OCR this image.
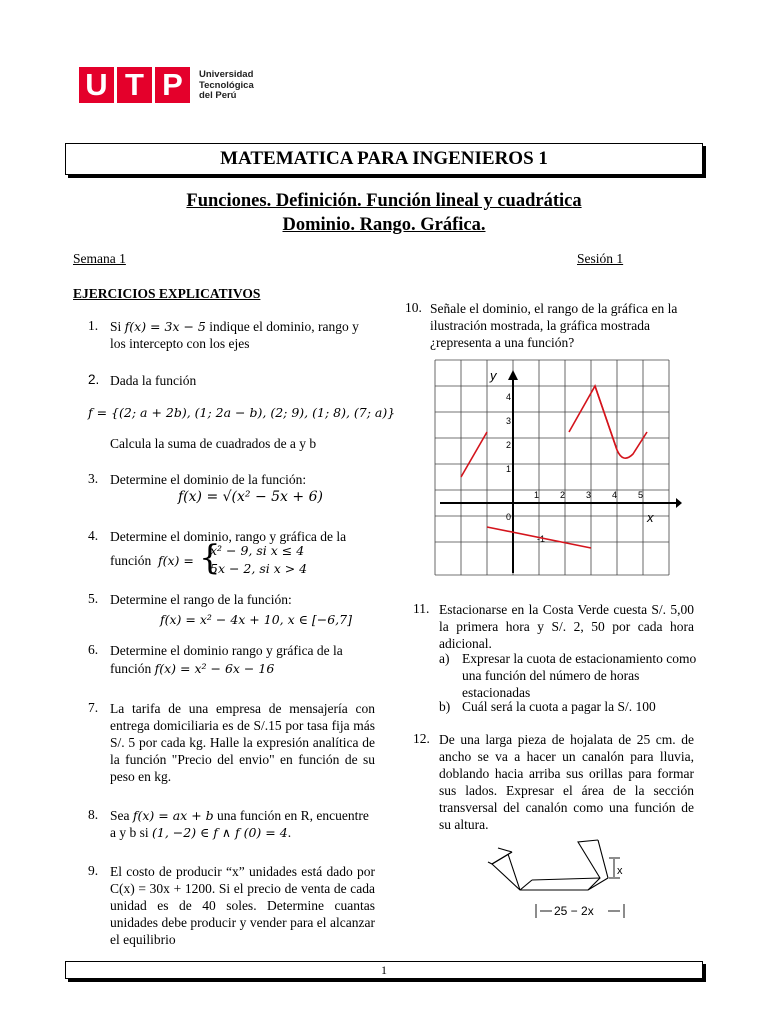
U T P	Universidad
Tecnológica
del Perú
MATEMATICA PARA INGENIEROS 1
Funciones. Definición. Función lineal y cuadrática
Dominio. Rango. Gráfica.
Semana 1	Sesión 1
EJERCICIOS EXPLICATIVOS
1. Si f(x) = 3x − 5 indique el dominio, rango y los intercepto con los ejes
2. Dada la función
f = {(2; a + 2b), (1; 2a − b), (2; 9), (1; 8), (7; a)}
Calcula la suma de cuadrados de a y b
3. Determine el dominio de la función:
f(x) = √(x² − 5x + 6)
4. Determine el dominio, rango y gráfica de la
función f(x) = {
x² − 9, si x ≤ 4
5x − 2, si x > 4
5. Determine el rango de la función:
f(x) = x² − 4x + 10, x ∈ [−6,7]
6. Determine el dominio rango y gráfica de la
función f(x) = x² − 6x − 16
7. La tarifa de una empresa de mensajería con entrega domiciliaria es de S/.15 por tasa fija más S/. 5 por cada kg. Halle la expresión analítica de la función "Precio del envio" en función de su peso en kg.
8. Sea f(x) = ax + b una función en R, encuentre
a y b si (1, −2) ∈ f ∧ f (0) = 4.
9. El costo de producir “x” unidades está dado por C(x) = 30x + 1200. Si el precio de venta de cada unidad es de 40 soles. Determine cuantas unidades debe producir y vender para el alcanzar el equilibrio
10. Señale el dominio, el rango de la gráfica en la ilustración mostrada, la gráfica mostrada ¿representa a una función?
y
x
0
1 2 3 4 5
1
2
3
4
-1
11. Estacionarse en la Costa Verde cuesta S/. 5,00 la primera hora y S/. 2, 50 por cada hora adicional.
a) Expresar la cuota de estacionamiento como una función del número de horas estacionadas
b) Cuál será la cuota a pagar la S/. 100
12. De una larga pieza de hojalata de 25 cm. de ancho se va a hacer un canalón para lluvia, doblando hacia arriba sus orillas para formar sus lados. Expresar el área de la sección transversal del canalón como una función de su altura.
x
25 − 2x
1
